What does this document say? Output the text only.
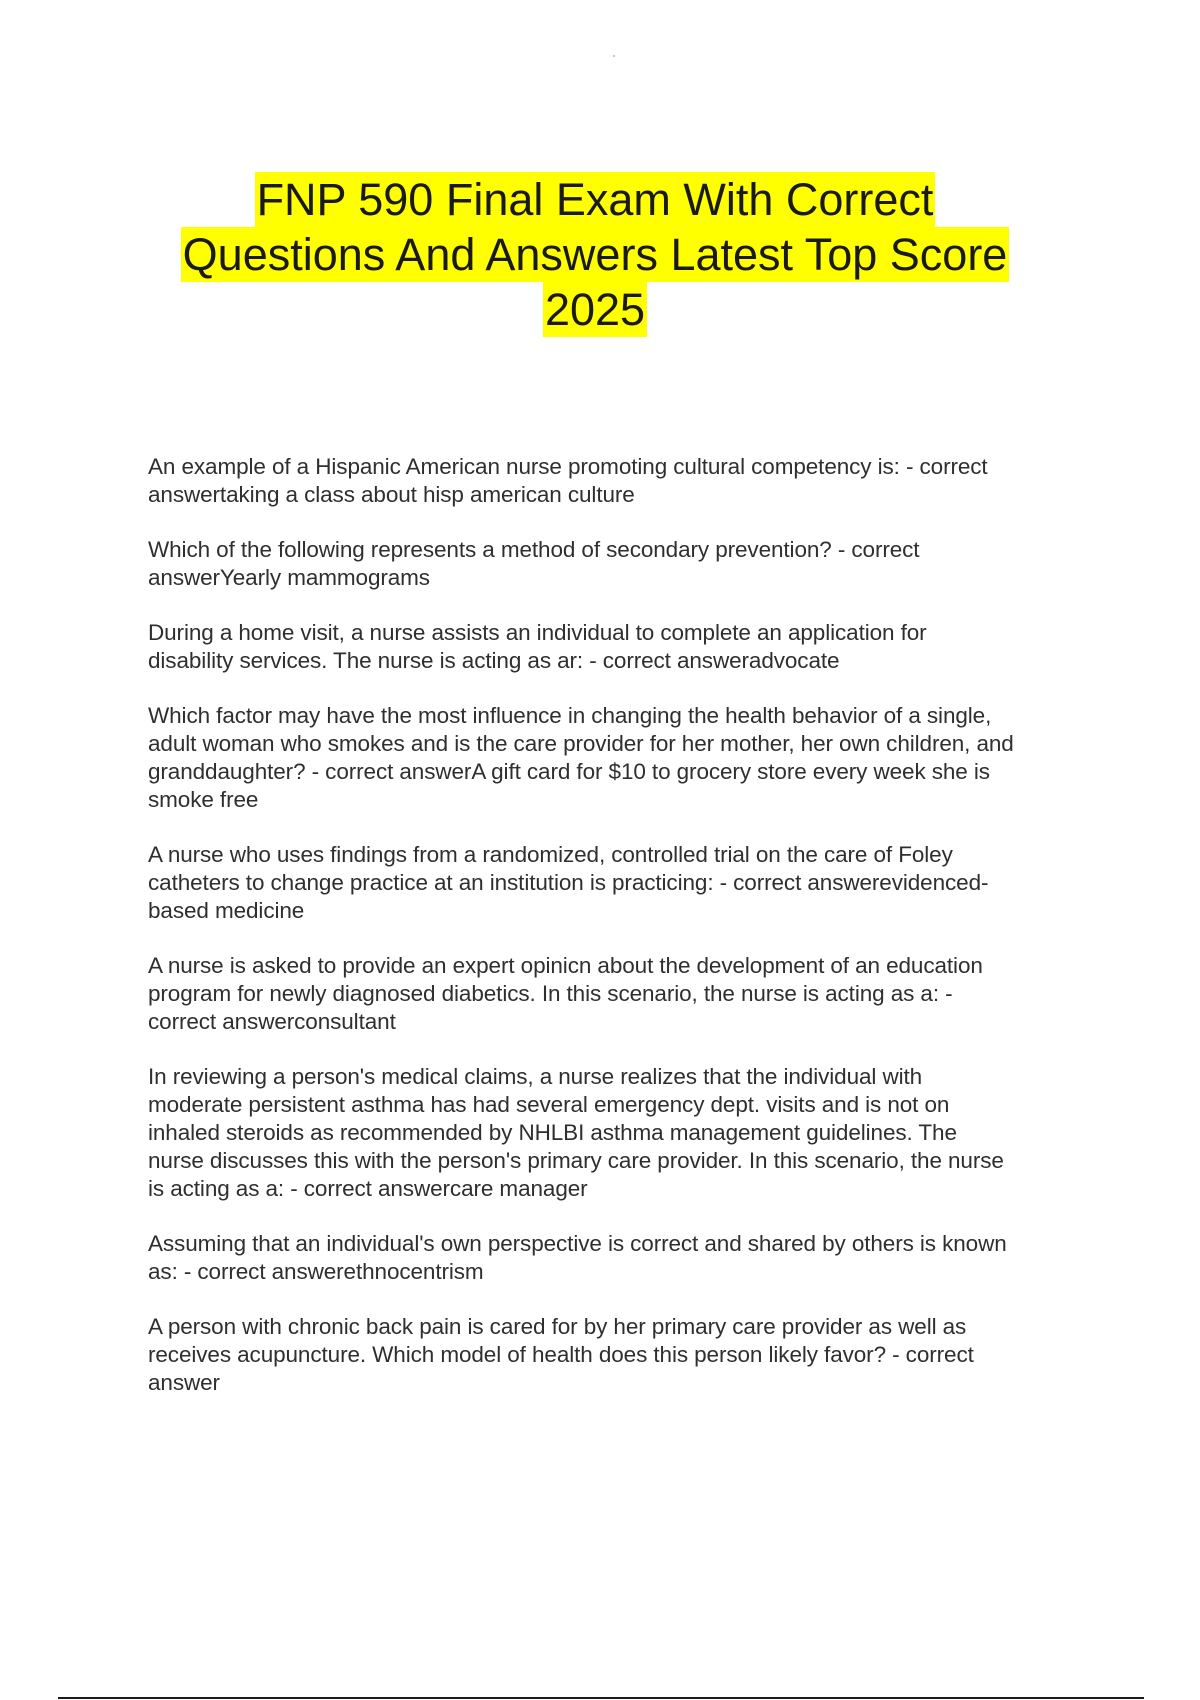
FNP 590 Final Exam With Correct
Questions And Answers Latest Top Score
2025
An example of a Hispanic American nurse promoting cultural competency is: - correct
answertaking a class about hisp american culture
Which of the following represents a method of secondary prevention? - correct
answerYearly mammograms
During a home visit, a nurse assists an individual to complete an application for
disability services. The nurse is acting as ar: - correct answeradvocate
Which factor may have the most influence in changing the health behavior of a single,
adult woman who smokes and is the care provider for her mother, her own children, and
granddaughter? - correct answerA gift card for $10 to grocery store every week she is
smoke free
A nurse who uses findings from a randomized, controlled trial on the care of Foley
catheters to change practice at an institution is practicing: - correct answerevidenced-
based medicine
A nurse is asked to provide an expert opinicn about the development of an education
program for newly diagnosed diabetics. In this scenario, the nurse is acting as a: -
correct answerconsultant
In reviewing a person's medical claims, a nurse realizes that the individual with
moderate persistent asthma has had several emergency dept. visits and is not on
inhaled steroids as recommended by NHLBI asthma management guidelines. The
nurse discusses this with the person's primary care provider. In this scenario, the nurse
is acting as a: - correct answercare manager
Assuming that an individual's own perspective is correct and shared by others is known
as: - correct answerethnocentrism
A person with chronic back pain is cared for by her primary care provider as well as
receives acupuncture. Which model of health does this person likely favor? - correct
answer
